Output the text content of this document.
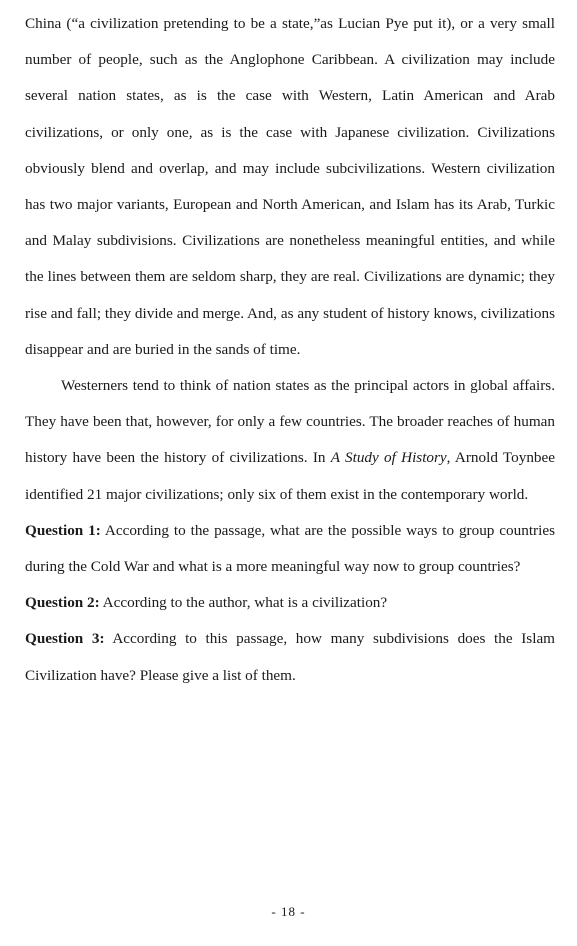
China (“a civilization pretending to be a state,”as Lucian Pye put it), or a very small number of people, such as the Anglophone Caribbean. A civilization may include several nation states, as is the case with Western, Latin American and Arab civilizations, or only one, as is the case with Japanese civilization. Civilizations obviously blend and overlap, and may include subcivilizations. Western civilization has two major variants, European and North American, and Islam has its Arab, Turkic and Malay subdivisions. Civilizations are nonetheless meaningful entities, and while the lines between them are seldom sharp, they are real. Civilizations are dynamic; they rise and fall; they divide and merge. And, as any student of history knows, civilizations disappear and are buried in the sands of time.

Westerners tend to think of nation states as the principal actors in global affairs. They have been that, however, for only a few countries. The broader reaches of human history have been the history of civilizations. In A Study of History, Arnold Toynbee identified 21 major civilizations; only six of them exist in the contemporary world.

Question 1: According to the passage, what are the possible ways to group countries during the Cold War and what is a more meaningful way now to group countries?

Question 2: According to the author, what is a civilization?

Question 3: According to this passage, how many subdivisions does the Islam Civilization have? Please give a list of them.

- 18 -
